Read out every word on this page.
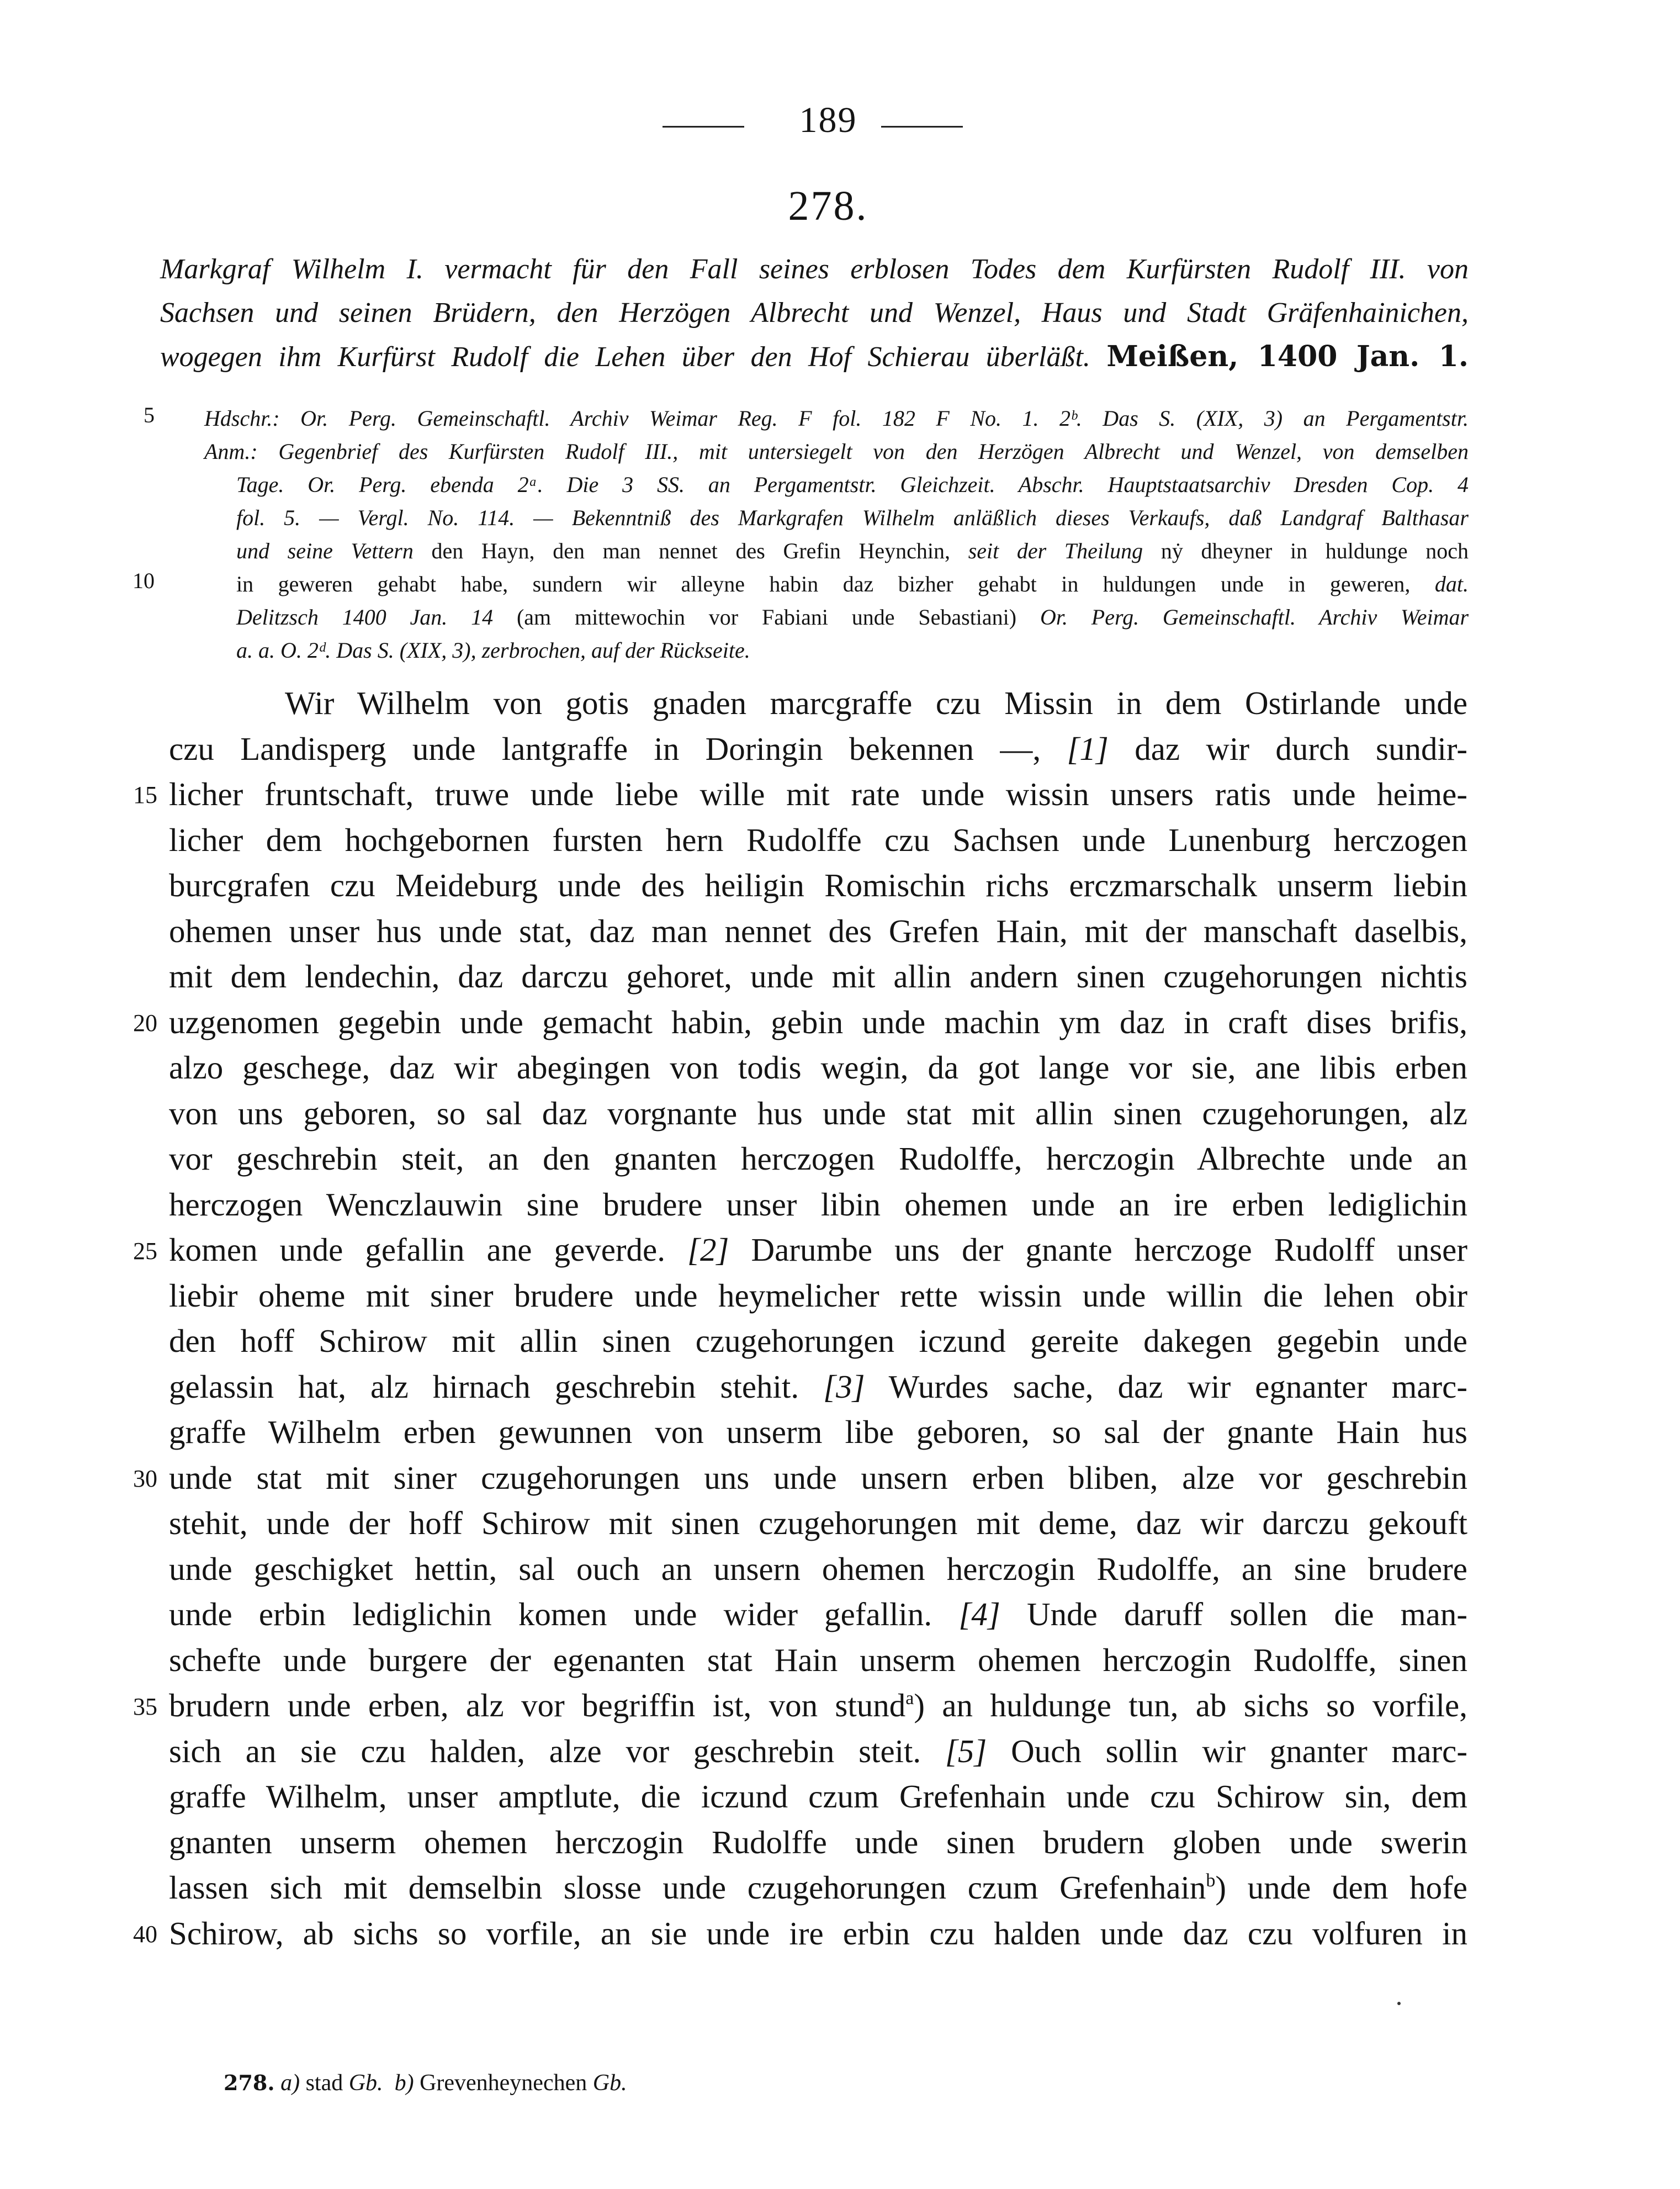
189
278.
Markgraf Wilhelm I. vermacht für den Fall seines erblosen Todes dem Kurfürsten Rudolf III. von
Sachsen und seinen Brüdern, den Herzögen Albrecht und Wenzel, Haus und Stadt Gräfenhainichen,
wogegen ihm Kurfürst Rudolf die Lehen über den Hof Schierau überläßt. Meißen, 1400 Jan. 1.
5
10
Hdschr.: Or. Perg. Gemeinschaftl. Archiv Weimar Reg. F fol. 182 F No. 1. 2ᵇ. Das S. (XIX, 3) an Pergamentstr.
Anm.: Gegenbrief des Kurfürsten Rudolf III., mit untersiegelt von den Herzögen Albrecht und Wenzel, von demselben
Tage. Or. Perg. ebenda 2ᵃ. Die 3 SS. an Pergamentstr. Gleichzeit. Abschr. Hauptstaatsarchiv Dresden Cop. 4
fol. 5. — Vergl. No. 114. — Bekenntniß des Markgrafen Wilhelm anläßlich dieses Verkaufs, daß Landgraf Balthasar
und seine Vettern den Hayn, den man nennet des Grefin Heynchin, seit der Theilung nẏ dheyner in huldunge noch
in geweren gehabt habe, sundern wir alleyne habin daz bizher gehabt in huldungen unde in geweren, dat.
Delitzsch 1400 Jan. 14 (am mittewochin vor Fabiani unde Sebastiani) Or. Perg. Gemeinschaftl. Archiv Weimar
a. a. O. 2ᵈ. Das S. (XIX, 3), zerbrochen, auf der Rückseite.
15
20
25
30
35
40
Wir Wilhelm von gotis gnaden marcgraffe czu Missin in dem Ostirlande unde
czu Landisperg unde lantgraffe in Doringin bekennen —, [1] daz wir durch sundir-
licher fruntschaft, truwe unde liebe wille mit rate unde wissin unsers ratis unde heime-
licher dem hochgebornen fursten hern Rudolffe czu Sachsen unde Lunenburg herczogen
burcgrafen czu Meideburg unde des heiligin Romischin richs erczmarschalk unserm liebin
ohemen unser hus unde stat, daz man nennet des Grefen Hain, mit der manschaft daselbis,
mit dem lendechin, daz darczu gehoret, unde mit allin andern sinen czugehorungen nichtis
uzgenomen gegebin unde gemacht habin, gebin unde machin ym daz in craft dises brifis,
alzo geschege, daz wir abegingen von todis wegin, da got lange vor sie, ane libis erben
von uns geboren, so sal daz vorgnante hus unde stat mit allin sinen czugehorungen, alz
vor geschrebin steit, an den gnanten herczogen Rudolffe, herczogin Albrechte unde an
herczogen Wenczlauwin sine brudere unser libin ohemen unde an ire erben lediglichin
komen unde gefallin ane geverde. [2] Darumbe uns der gnante herczoge Rudolff unser
liebir oheme mit siner brudere unde heymelicher rette wissin unde willin die lehen obir
den hoff Schirow mit allin sinen czugehorungen iczund gereite dakegen gegebin unde
gelassin hat, alz hirnach geschrebin stehit. [3] Wurdes sache, daz wir egnanter marc-
graffe Wilhelm erben gewunnen von unserm libe geboren, so sal der gnante Hain hus
unde stat mit siner czugehorungen uns unde unsern erben bliben, alze vor geschrebin
stehit, unde der hoff Schirow mit sinen czugehorungen mit deme, daz wir darczu gekouft
unde geschigket hettin, sal ouch an unsern ohemen herczogin Rudolffe, an sine brudere
unde erbin lediglichin komen unde wider gefallin. [4] Unde daruff sollen die man-
schefte unde burgere der egenanten stat Hain unserm ohemen herczogin Rudolffe, sinen
brudern unde erben, alz vor begriffin ist, von stund$^a$) an huldunge tun, ab sichs so vorfile,
sich an sie czu halden, alze vor geschrebin steit. [5] Ouch sollin wir gnanter marc-
graffe Wilhelm, unser amptlute, die iczund czum Grefenhain unde czu Schirow sin, dem
gnanten unserm ohemen herczogin Rudolffe unde sinen brudern globen unde swerin
lassen sich mit demselbin slosse unde czugehorungen czum Grefenhain$^b$) unde dem hofe
Schirow, ab sichs so vorfile, an sie unde ire erbin czu halden unde daz czu volfuren in
278. a) stad Gb. b) Grevenheynechen Gb.
